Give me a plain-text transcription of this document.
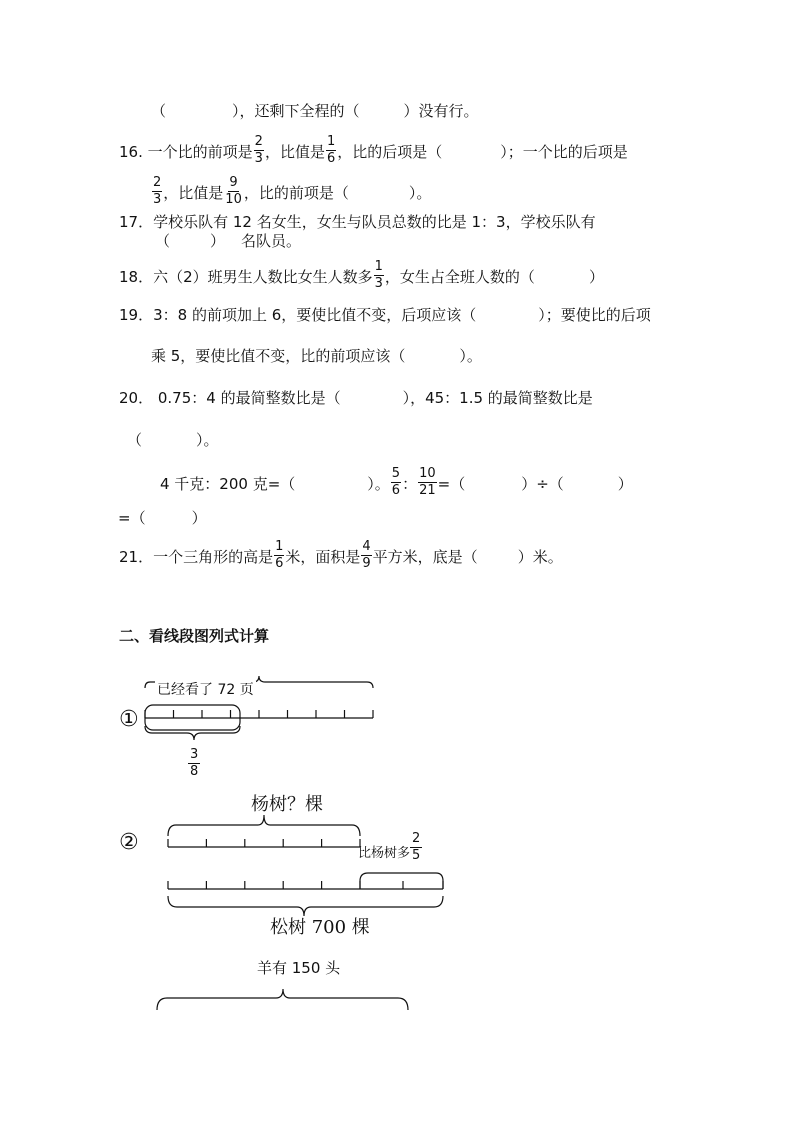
（	），还剩下全程的（	）没有行。
16. 一个比的前项是 $\frac{2}{3}$ ，比值是 $\frac{1}{6}$ ，比的后项是（	）；一个比的后项是
$\frac{2}{3}$ ，比值是 $\frac{9}{10}$ ，比的前项是（	）。
17．学校乐队有 12 名女生，女生与队员总数的比是 1：3，学校乐队有
（	） 名队员。
18．六（2）班男生人数比女生人数多 $\frac{1}{3}$ ，女生占全班人数的（	）
19．3：8 的前项加上 6，要使比值不变，后项应该（	）；要使比的后项
乘 5，要使比值不变，比的前项应该（	）。
20． 0.75：4 的最简整数比是（	），45：1.5 的最简整数比是
（	）。
4 千克：200 克=（	）。 $\frac{5}{6}$ ： $\frac{10}{21}$ =（	）÷（	）
=（	）
21．一个三角形的高是 $\frac{1}{6}$ 米，面积是 $\frac{4}{9}$ 平方米，底是（	）米。
二、看线段图列式计算
①
已经看了 72 页
$\frac{3}{8}$
②
杨树？棵
比杨树多 $\frac{2}{5}$
松树 700 棵
羊有 150 头
